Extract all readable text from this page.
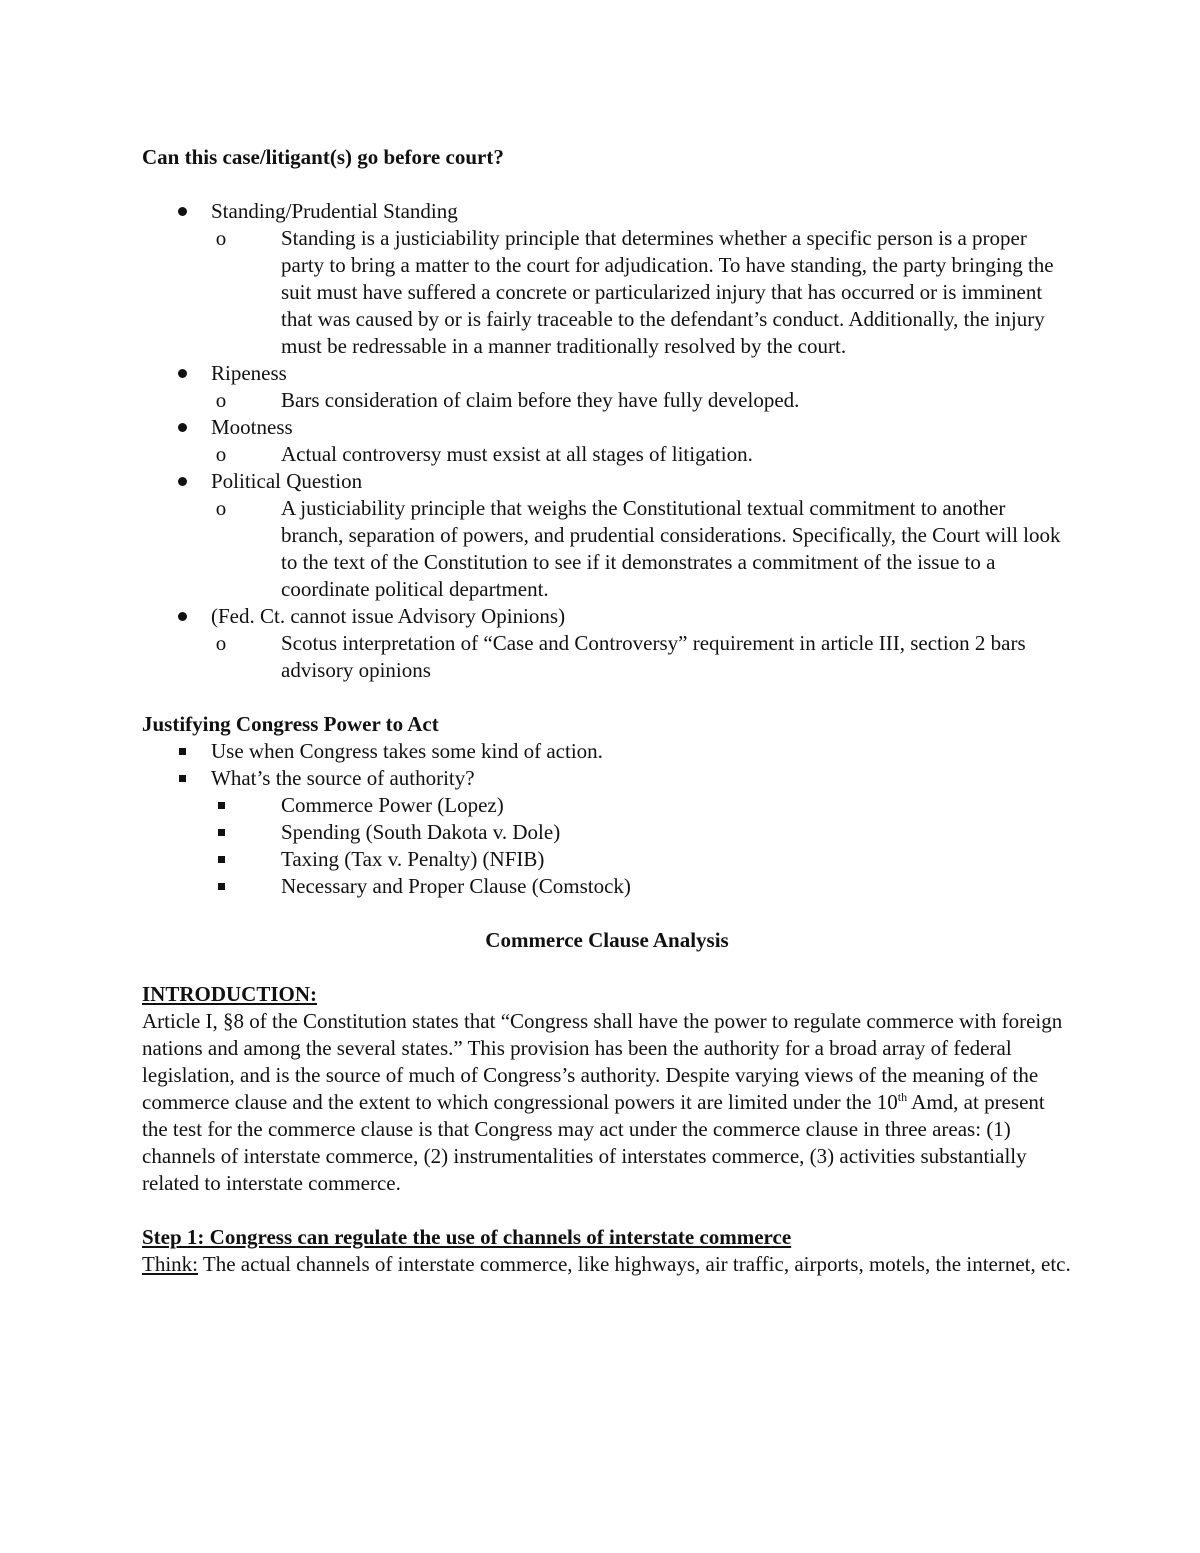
Can this case/litigant(s) go before court?

Standing/Prudential Standing
o	Standing is a justiciability principle that determines whether a specific person is a proper party to bring a matter to the court for adjudication. To have standing, the party bringing the suit must have suffered a concrete or particularized injury that has occurred or is imminent that was caused by or is fairly traceable to the defendant’s conduct. Additionally, the injury must be redressable in a manner traditionally resolved by the court.
Ripeness
o	Bars consideration of claim before they have fully developed.
Mootness
o	Actual controversy must exsist at all stages of litigation.
Political Question
o	A justiciability principle that weighs the Constitutional textual commitment to another branch, separation of powers, and prudential considerations. Specifically, the Court will look to the text of the Constitution to see if it demonstrates a commitment of the issue to a coordinate political department.
(Fed. Ct. cannot issue Advisory Opinions)
o	Scotus interpretation of “Case and Controversy” requirement in article III, section 2 bars advisory opinions

Justifying Congress Power to Act

Use when Congress takes some kind of action.
What’s the source of authority?
Commerce Power (Lopez)
Spending (South Dakota v. Dole)
Taxing (Tax v. Penalty) (NFIB)
Necessary and Proper Clause (Comstock)

Commerce Clause Analysis

INTRODUCTION:

Article I, §8 of the Constitution states that “Congress shall have the power to regulate commerce with foreign nations and among the several states.” This provision has been the authority for a broad array of federal legislation, and is the source of much of Congress’s authority. Despite varying views of the meaning of the commerce clause and the extent to which congressional powers it are limited under the 10th Amd, at present the test for the commerce clause is that Congress may act under the commerce clause in three areas: (1) channels of interstate commerce, (2) instrumentalities of interstates commerce, (3) activities substantially related to interstate commerce.

Step 1: Congress can regulate the use of channels of interstate commerce

Think: The actual channels of interstate commerce, like highways, air traffic, airports, motels, the internet, etc.
